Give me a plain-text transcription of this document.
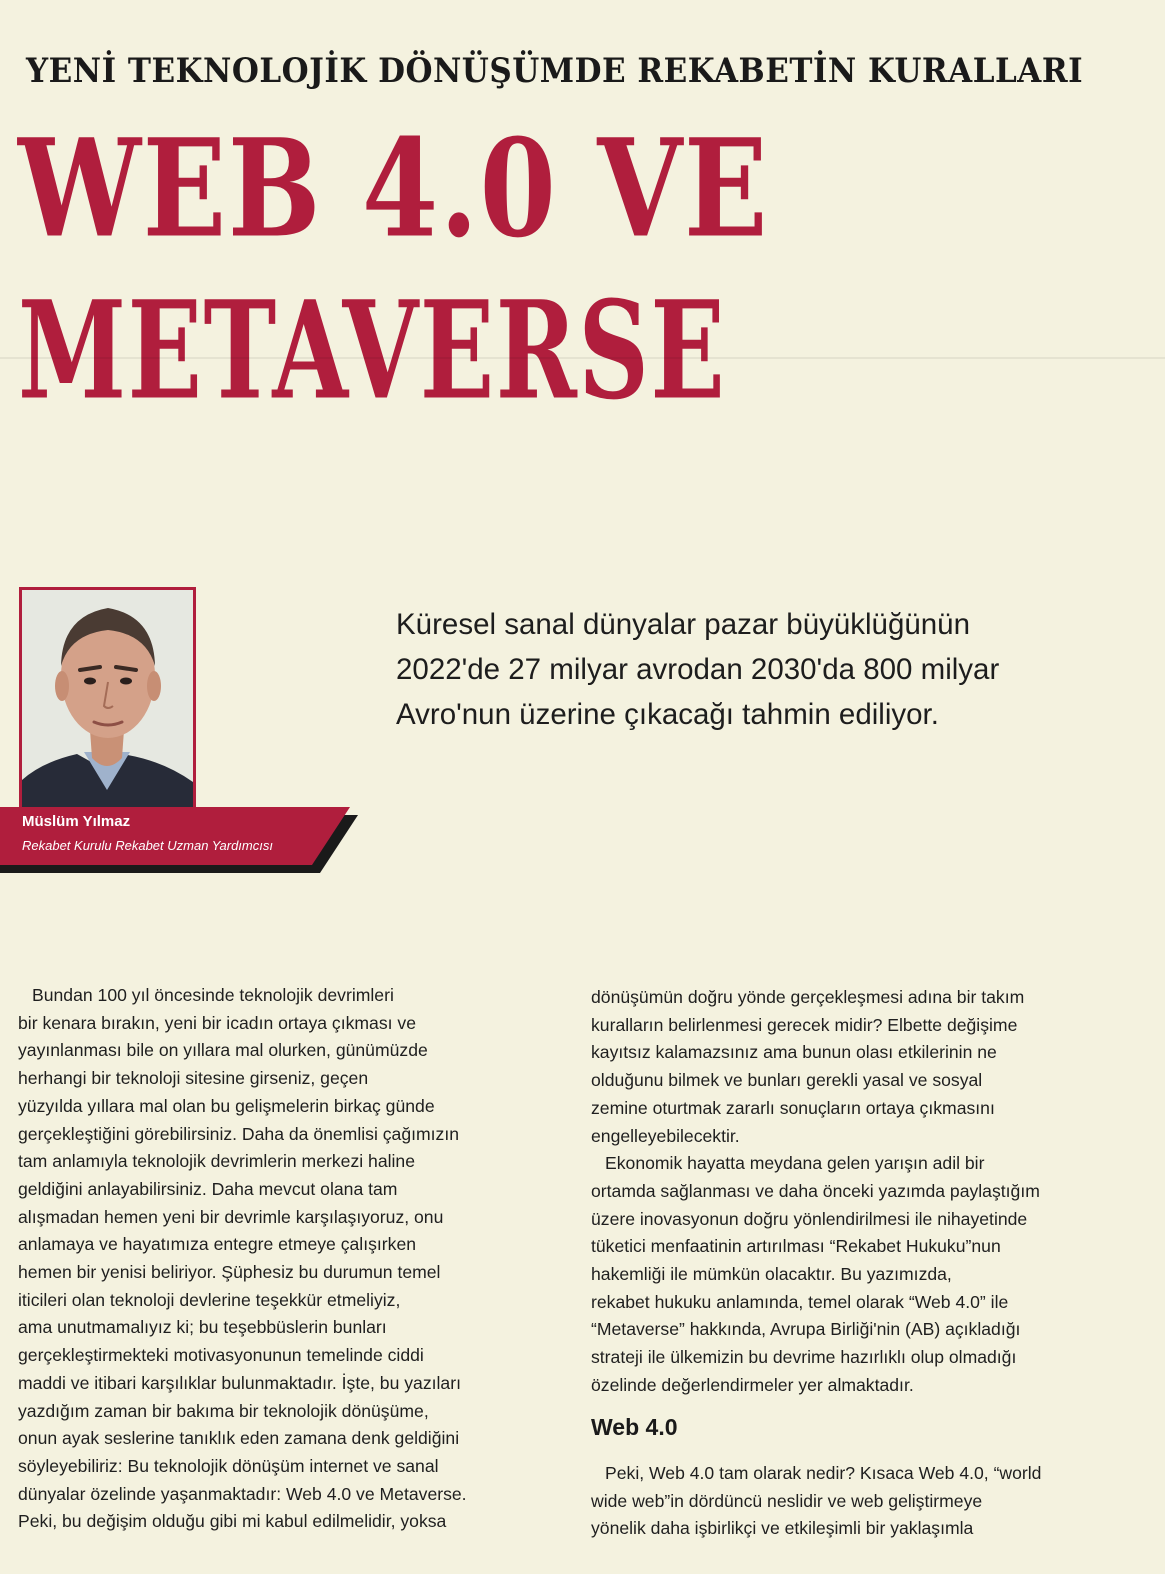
YENİ TEKNOLOJİK DÖNÜŞÜMDE REKABETİN KURALLARI
WEB 4.0 VE
METAVERSE
Müslüm Yılmaz
Rekabet Kurulu Rekabet Uzman Yardımcısı
Küresel sanal dünyalar pazar büyüklüğünün
2022'de 27 milyar avrodan 2030'da 800 milyar
Avro'nun üzerine çıkacağı tahmin ediliyor.
Bundan 100 yıl öncesinde teknolojik devrimleri
bir kenara bırakın, yeni bir icadın ortaya çıkması ve
yayınlanması bile on yıllara mal olurken, günümüzde
herhangi bir teknoloji sitesine girseniz, geçen
yüzyılda yıllara mal olan bu gelişmelerin birkaç günde
gerçekleştiğini görebilirsiniz. Daha da önemlisi çağımızın
tam anlamıyla teknolojik devrimlerin merkezi haline
geldiğini anlayabilirsiniz. Daha mevcut olana tam
alışmadan hemen yeni bir devrimle karşılaşıyoruz, onu
anlamaya ve hayatımıza entegre etmeye çalışırken
hemen bir yenisi beliriyor. Şüphesiz bu durumun temel
iticileri olan teknoloji devlerine teşekkür etmeliyiz,
ama unutmamalıyız ki; bu teşebbüslerin bunları
gerçekleştirmekteki motivasyonunun temelinde ciddi
maddi ve itibari karşılıklar bulunmaktadır. İşte, bu yazıları
yazdığım zaman bir bakıma bir teknolojik dönüşüme,
onun ayak seslerine tanıklık eden zamana denk geldiğini
söyleyebiliriz: Bu teknolojik dönüşüm internet ve sanal
dünyalar özelinde yaşanmaktadır: Web 4.0 ve Metaverse.
Peki, bu değişim olduğu gibi mi kabul edilmelidir, yoksa
dönüşümün doğru yönde gerçekleşmesi adına bir takım
kuralların belirlenmesi gerecek midir? Elbette değişime
kayıtsız kalamazsınız ama bunun olası etkilerinin ne
olduğunu bilmek ve bunları gerekli yasal ve sosyal
zemine oturtmak zararlı sonuçların ortaya çıkmasını
engelleyebilecektir.
Ekonomik hayatta meydana gelen yarışın adil bir
ortamda sağlanması ve daha önceki yazımda paylaştığım
üzere inovasyonun doğru yönlendirilmesi ile nihayetinde
tüketici menfaatinin artırılması “Rekabet Hukuku”nun
hakemliği ile mümkün olacaktır. Bu yazımızda,
rekabet hukuku anlamında, temel olarak “Web 4.0” ile
“Metaverse” hakkında, Avrupa Birliği'nin (AB) açıkladığı
strateji ile ülkemizin bu devrime hazırlıklı olup olmadığı
özelinde değerlendirmeler yer almaktadır.
Web 4.0
Peki, Web 4.0 tam olarak nedir? Kısaca Web 4.0, “world
wide web”in dördüncü neslidir ve web geliştirmeye
yönelik daha işbirlikçi ve etkileşimli bir yaklaşımla
